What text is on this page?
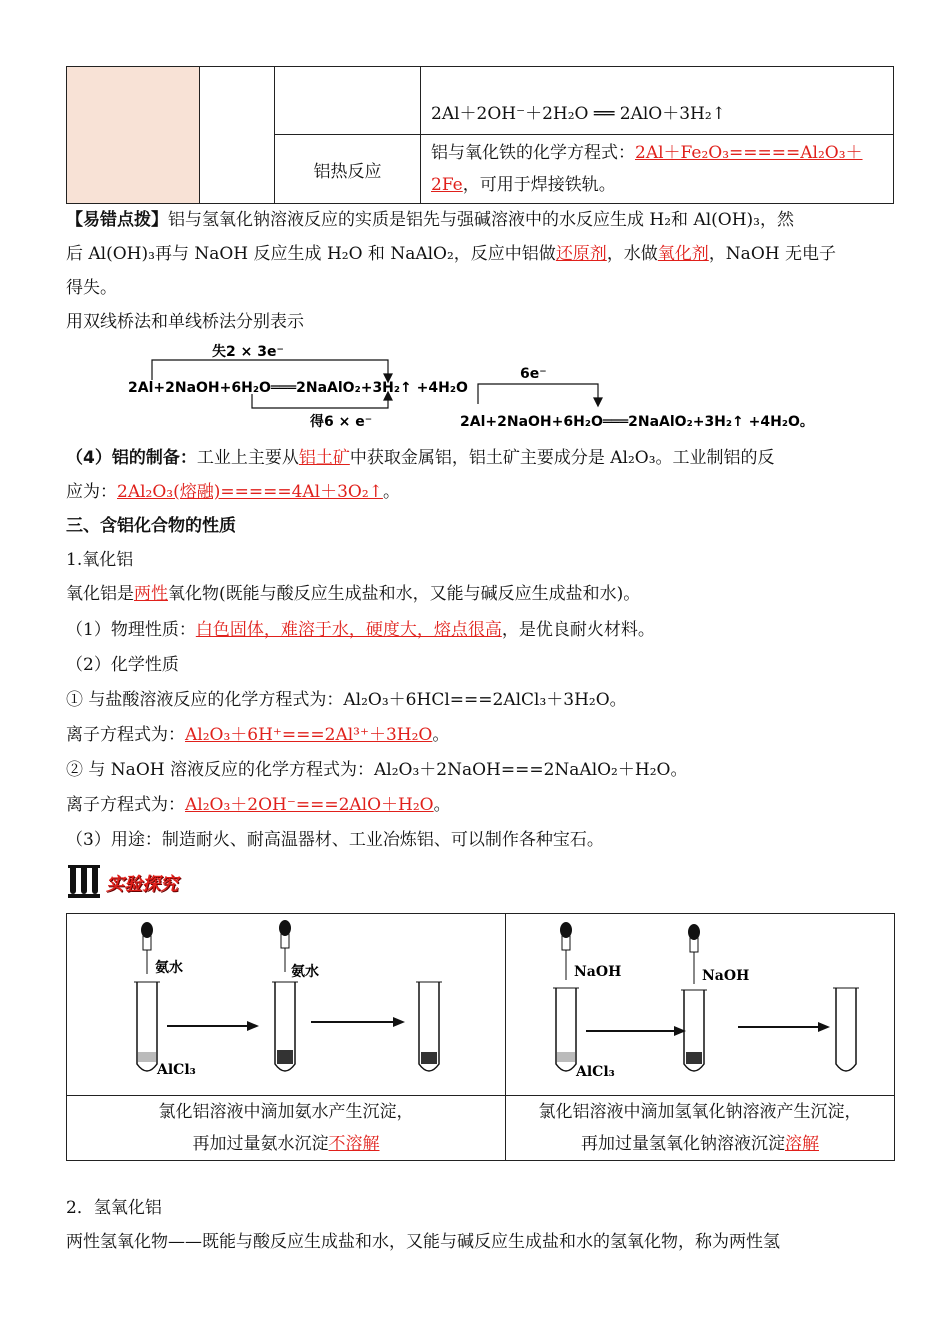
			2Al＋2OH⁻＋2H₂O ══ 2AlO＋3H₂↑
		铝热反应	铝与氧化铁的化学方程式：2Al＋Fe₂O₃=====Al₂O₃＋
2Fe，可用于焊接铁轨。
【易错点拨】铝与氢氧化钠溶液反应的实质是铝先与强碱溶液中的水反应生成 H₂和 Al(OH)₃，然
后 Al(OH)₃再与 NaOH 反应生成 H₂O 和 NaAlO₂，反应中铝做还原剂，水做氧化剂，NaOH 无电子
得失。
用双线桥法和单线桥法分别表示
失2 × 3e⁻
2Al+2NaOH+6H₂O═══2NaAlO₂+3H₂↑ +4H₂O
得6 × e⁻
6e⁻
2Al+2NaOH+6H₂O═══2NaAlO₂+3H₂↑ +4H₂O。
（4）铝的制备：工业上主要从铝土矿中获取金属铝，铝土矿主要成分是 Al₂O₃。工业制铝的反
应为：2Al₂O₃(熔融)=====4Al＋3O₂↑。
三、含铝化合物的性质
1.氧化铝
氧化铝是两性氧化物(既能与酸反应生成盐和水，又能与碱反应生成盐和水)。
（1）物理性质：白色固体，难溶于水，硬度大，熔点很高，是优良耐火材料。
（2）化学性质
① 与盐酸溶液反应的化学方程式为：Al₂O₃＋6HCl===2AlCl₃＋3H₂O。
离子方程式为：Al₂O₃＋6H⁺===2Al³⁺＋3H₂O。
② 与 NaOH 溶液反应的化学方程式为：Al₂O₃＋2NaOH===2NaAlO₂＋H₂O。
离子方程式为：Al₂O₃＋2OH⁻===2AlO＋H₂O。
（3）用途：制造耐火、耐高温器材、工业冶炼铝、可以制作各种宝石。
实验探究
氨水
AlCl₃
氨水	NaOH
AlCl₃
NaOH
氯化铝溶液中滴加氨水产生沉淀，
再加过量氨水沉淀不溶解
氯化铝溶液中滴加氢氧化钠溶液产生沉淀，
再加过量氢氧化钠溶液沉淀溶解
2．氢氧化铝
两性氢氧化物——既能与酸反应生成盐和水，又能与碱反应生成盐和水的氢氧化物，称为两性氢
